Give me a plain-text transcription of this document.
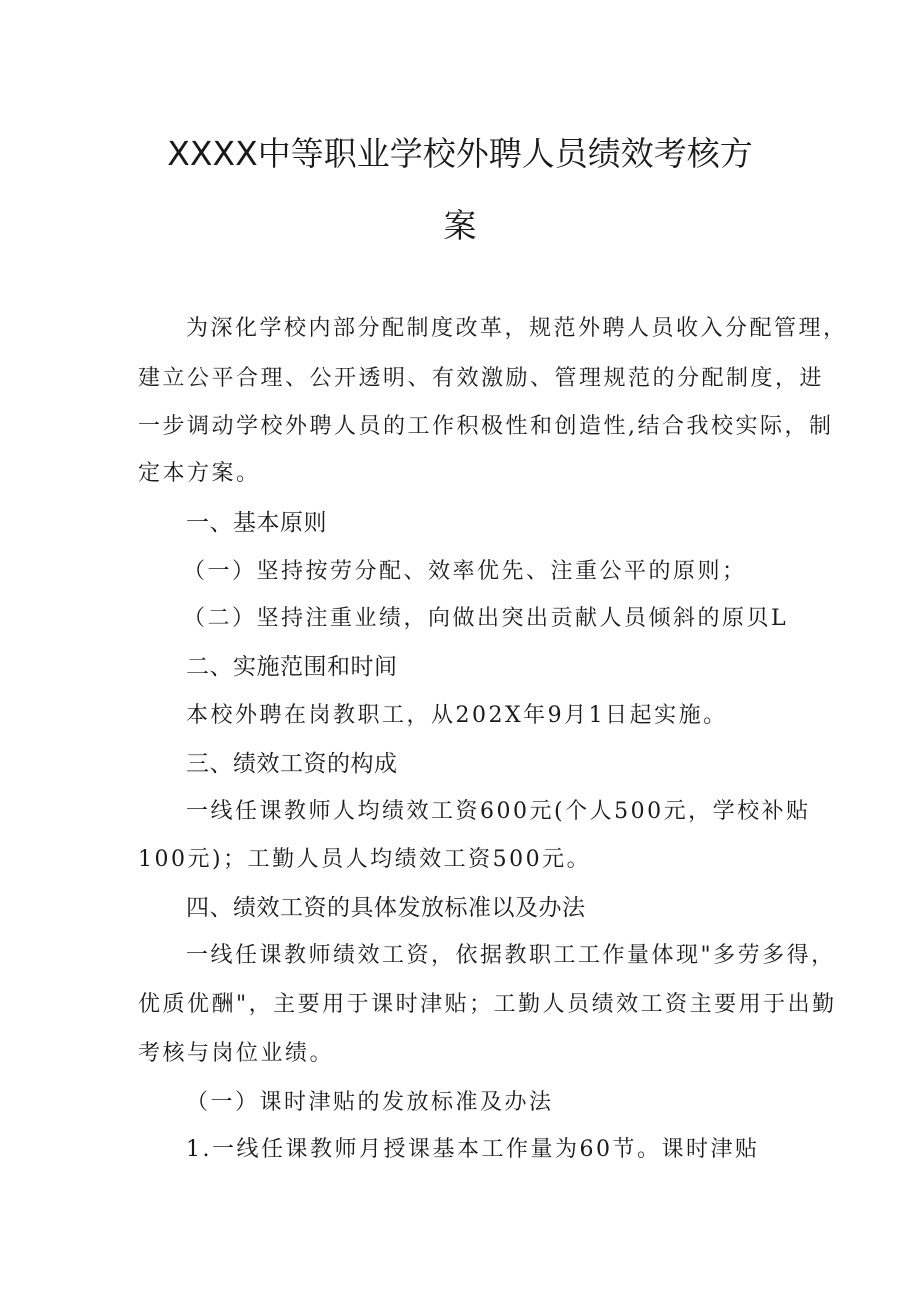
XXXX中等职业学校外聘人员绩效考核方
案

为深化学校内部分配制度改革，规范外聘人员收入分配管理，

建立公平合理、公开透明、有效激励、管理规范的分配制度，进

一步调动学校外聘人员的工作积极性和创造性,结合我校实际，制

定本方案。

一、基本原则

（一）坚持按劳分配、效率优先、注重公平的原则；

（二）坚持注重业绩，向做出突出贡献人员倾斜的原贝L

二、实施范围和时间

本校外聘在岗教职工，从202X年9月1日起实施。

三、绩效工资的构成

一线任课教师人均绩效工资600元(个人500元，学校补贴

100元)；工勤人员人均绩效工资500元。

四、绩效工资的具体发放标准以及办法

一线任课教师绩效工资，依据教职工工作量体现"多劳多得，

优质优酬"，主要用于课时津贴；工勤人员绩效工资主要用于出勤

考核与岗位业绩。

（一）课时津贴的发放标准及办法

1.一线任课教师月授课基本工作量为60节。课时津贴
